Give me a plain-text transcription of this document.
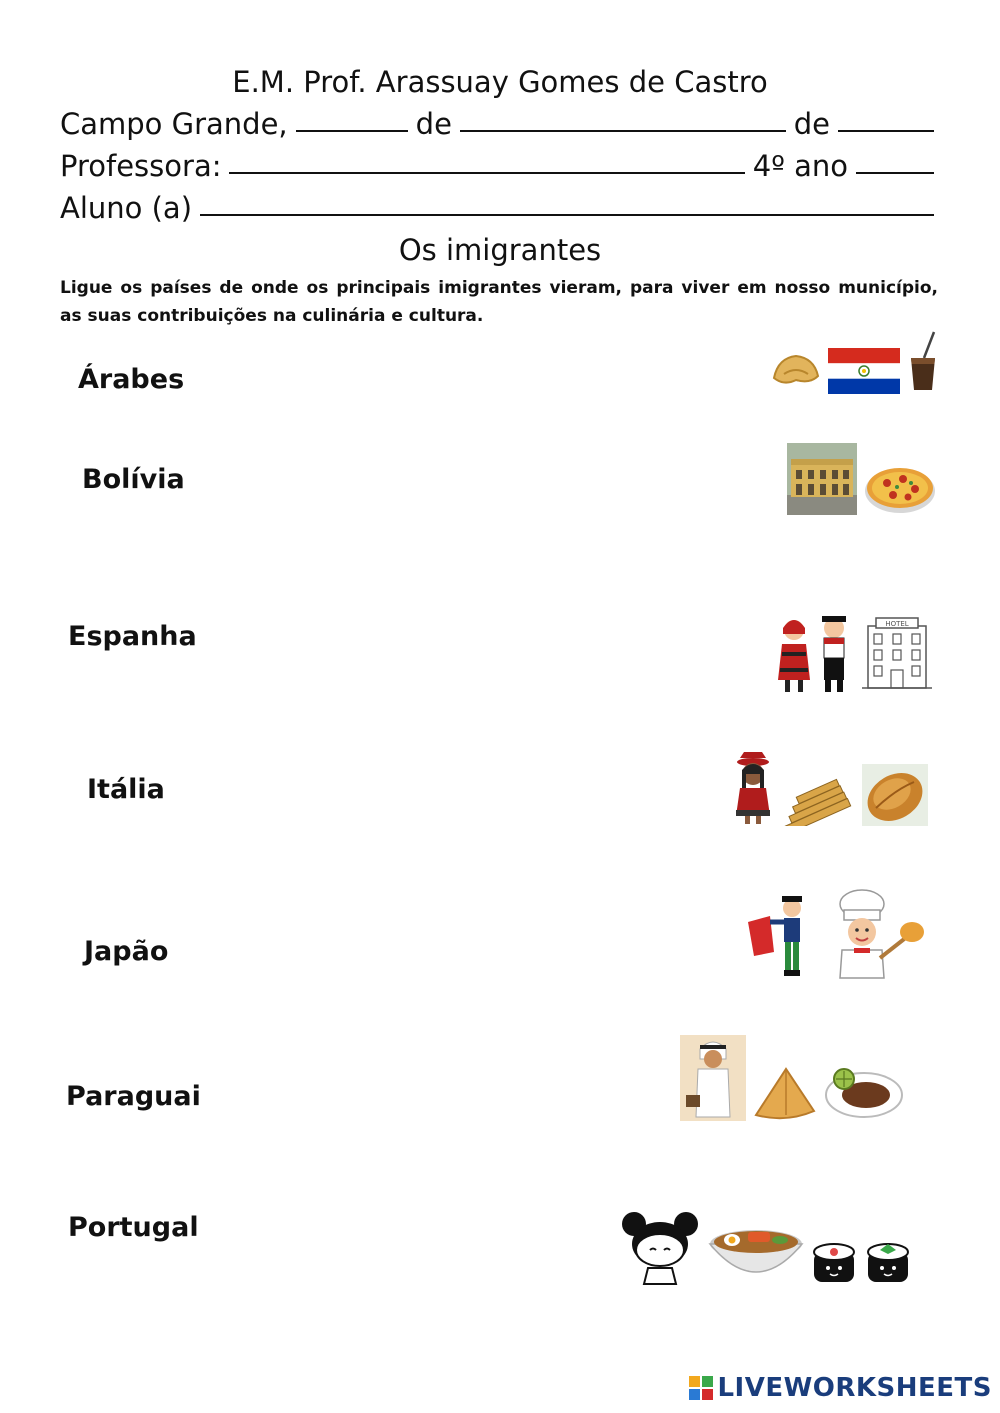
E.M. Prof. Arassuay Gomes de Castro
Campo Grande,	de	de
Professora:	4º ano
Aluno (a)
Os imigrantes
Ligue os países de onde os principais imigrantes vieram, para viver em nosso município, as suas contribuições na culinária e cultura.
Árabes
Bolívia
Espanha
Itália
Japão
Paraguai
Portugal
HOTEL
LIVEWORKSHEETS
